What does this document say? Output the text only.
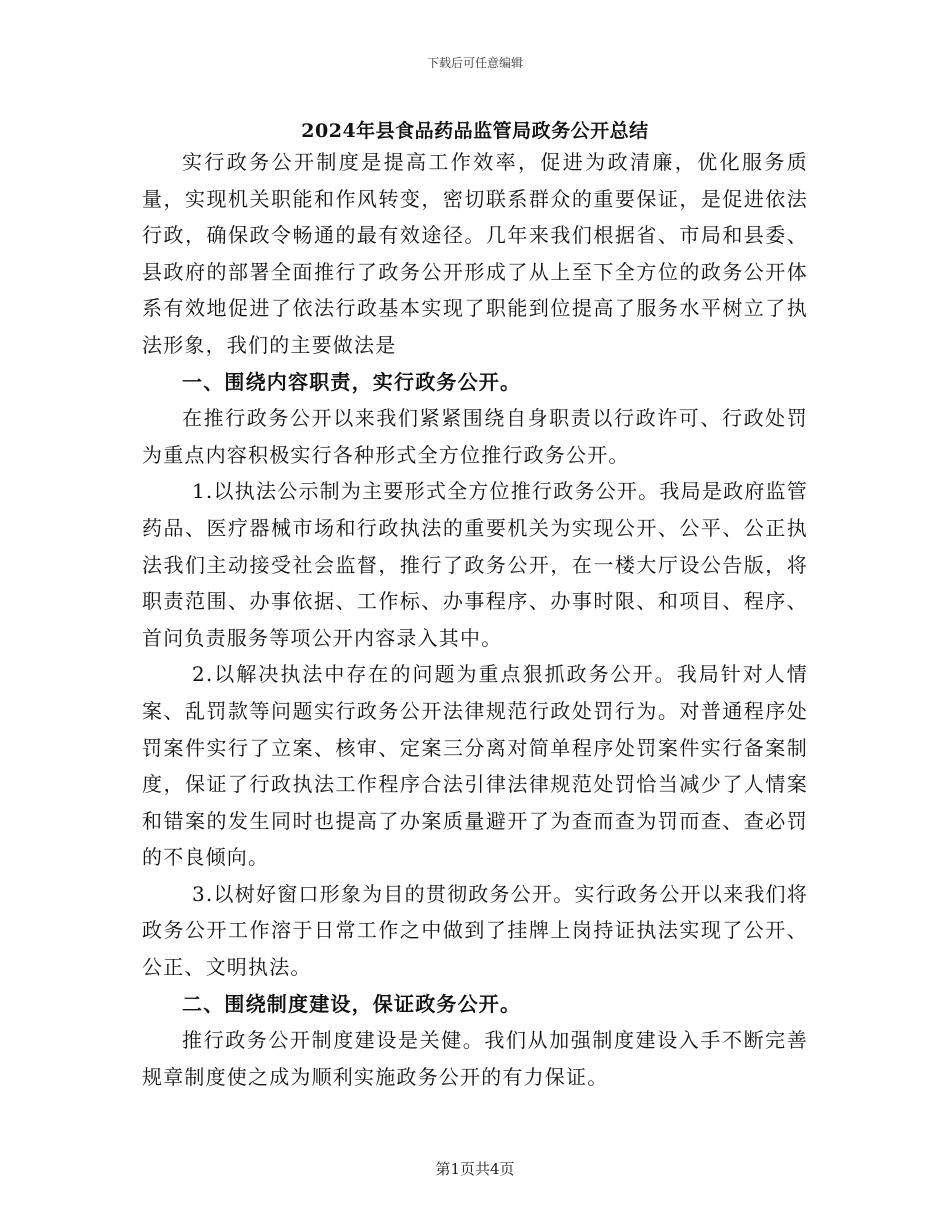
下载后可任意编辑
2024年县食品药品监管局政务公开总结

实行政务公开制度是提高工作效率，促进为政清廉，优化服务质量，实现机关职能和作风转变，密切联系群众的重要保证，是促进依法行政，确保政令畅通的最有效途径。几年来我们根据省、市局和县委、县政府的部署全面推行了政务公开形成了从上至下全方位的政务公开体系有效地促进了依法行政基本实现了职能到位提高了服务水平树立了执法形象，我们的主要做法是

一、围绕内容职责，实行政务公开。

在推行政务公开以来我们紧紧围绕自身职责以行政许可、行政处罚为重点内容积极实行各种形式全方位推行政务公开。

1.以执法公示制为主要形式全方位推行政务公开。我局是政府监管药品、医疗器械市场和行政执法的重要机关为实现公开、公平、公正执法我们主动接受社会监督，推行了政务公开，在一楼大厅设公告版，将职责范围、办事依据、工作标、办事程序、办事时限、和项目、程序、首问负责服务等项公开内容录入其中。

2.以解决执法中存在的问题为重点狠抓政务公开。我局针对人情案、乱罚款等问题实行政务公开法律规范行政处罚行为。对普通程序处罚案件实行了立案、核审、定案三分离对简单程序处罚案件实行备案制度，保证了行政执法工作程序合法引律法律规范处罚恰当减少了人情案和错案的发生同时也提高了办案质量避开了为查而查为罚而查、查必罚的不良倾向。

3.以树好窗口形象为目的贯彻政务公开。实行政务公开以来我们将政务公开工作溶于日常工作之中做到了挂牌上岗持证执法实现了公开、公正、文明执法。

二、围绕制度建设，保证政务公开。

推行政务公开制度建设是关健。我们从加强制度建设入手不断完善规章制度使之成为顺利实施政务公开的有力保证。

第1页共4页
